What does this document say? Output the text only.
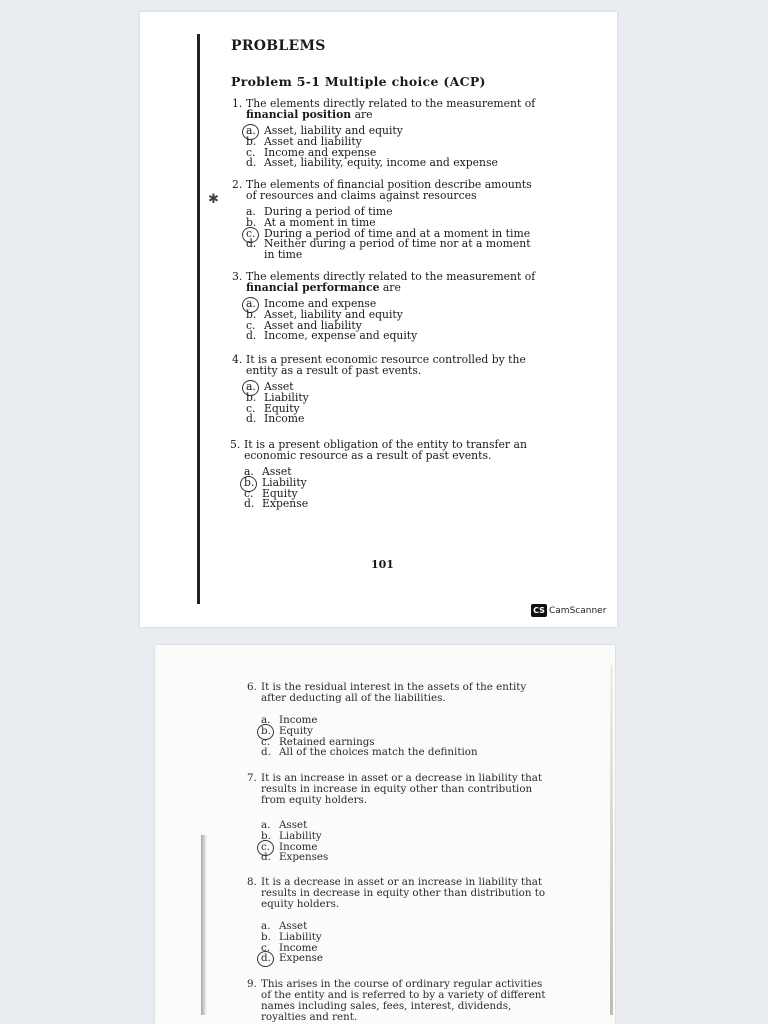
PROBLEMS
Problem 5-1 Multiple choice (ACP)
1. The elements directly related to the measurement of financial position are
a. Asset, liability and equity
b. Asset and liability
c. Income and expense
d. Asset, liability, equity, income and expense
✱
2. The elements of financial position describe amounts of resources and claims against resources
a. During a period of time
b. At a moment in time
c. During a period of time and at a moment in time
d. Neither during a period of time nor at a moment in time
3. The elements directly related to the measurement of financial performance are
a. Income and expense
b. Asset, liability and equity
c. Asset and liability
d. Income, expense and equity
4. It is a present economic resource controlled by the entity as a result of past events.
a. Asset
b. Liability
c. Equity
d. Income
5. It is a present obligation of the entity to transfer an economic resource as a result of past events.
a. Asset
b. Liability
c. Equity
d. Expense
101
CS CamScanner
6. It is the residual interest in the assets of the entity after deducting all of the liabilities.
a. Income
b. Equity
c. Retained earnings
d. All of the choices match the definition
7. It is an increase in asset or a decrease in liability that results in increase in equity other than contribution from equity holders.
a. Asset
b. Liability
c. Income
d. Expenses
8. It is a decrease in asset or an increase in liability that results in decrease in equity other than distribution to equity holders.
a. Asset
b. Liability
c. Income
d. Expense
9. This arises in the course of ordinary regular activities of the entity and is referred to by a variety of different names including sales, fees, interest, dividends, royalties and rent.
